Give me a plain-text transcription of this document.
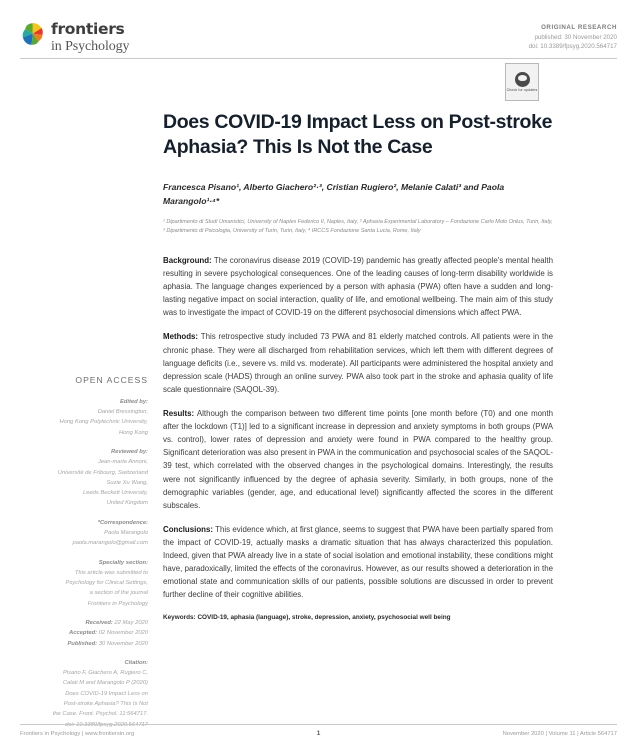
frontiers
in Psychology
ORIGINAL RESEARCH
published: 30 November 2020
doi: 10.3389/fpsyg.2020.564717
Check for updates
OPEN ACCESS
Edited by:
Daniel Bressington,
Hong Kong Polytechnic University,
Hong Kong
Reviewed by:
Jean-marie Annoni,
Université de Fribourg, Switzerland
Suzie Xu Wang,
Leeds Beckett University,
United Kingdom
*Correspondence:
Paola Marangolo
paola.marangolo@gmail.com
Specialty section:
This article was submitted to
Psychology for Clinical Settings,
a section of the journal
Frontiers in Psychology
Received: 22 May 2020
Accepted: 02 November 2020
Published: 30 November 2020
Citation:
Pisano F, Giachero A, Rugiero C,
Calati M and Marangolo P (2020)
Does COVID-19 Impact Less on
Post-stroke Aphasia? This Is Not
the Case. Front. Psychol. 11:564717.
Does COVID-19 Impact Less on Post-stroke Aphasia? This Is Not the Case
Francesca Pisano¹, Alberto Giachero²·³, Cristian Rugiero², Melanie Calati³ and Paola Marangolo¹·⁴*
¹ Dipartimento di Studi Umanistici, University of Naples Federico II, Naples, Italy, ² Aphasia Experimental Laboratory – Fondazione Carlo Molo Onlus, Turin, Italy, ³ Dipartimento di Psicologia, University of Turin, Turin, Italy, ⁴ IRCCS Fondazione Santa Lucia, Rome, Italy

Background: The coronavirus disease 2019 (COVID-19) pandemic has greatly affected people's mental health resulting in severe psychological consequences. One of the leading causes of long-term disability worldwide is aphasia. The language changes experienced by a person with aphasia (PWA) often have a sudden and long-lasting negative impact on social interaction, quality of life, and emotional wellbeing. The main aim of this study was to investigate the impact of COVID-19 on the different psychosocial dimensions which affect PWA.

Methods: This retrospective study included 73 PWA and 81 elderly matched controls. All patients were in the chronic phase. They were all discharged from rehabilitation services, which left them with different degrees of language deficits (i.e., severe vs. mild vs. moderate). All participants were administered the hospital anxiety and depression scale (HADS) through an online survey. PWA also took part in the stroke and aphasia quality of life scale questionnaire (SAQOL-39).

Results: Although the comparison between two different time points [one month before (T0) and one month after the lockdown (T1)] led to a significant increase in depression and anxiety symptoms in both groups (PWA vs. control), lower rates of depression and anxiety were found in PWA compared to the healthy group. Significant deterioration was also present in PWA in the communication and psychosocial scales of the SAQOL-39 test, which correlated with the observed changes in the psychological domains. Interestingly, the results were not significantly influenced by the degree of aphasia severity. Similarly, in both groups, none of the demographic variables (gender, age, and educational level) significantly affected the scores in the different subscales.

Conclusions: This evidence which, at first glance, seems to suggest that PWA have been partially spared from the impact of COVID-19, actually masks a dramatic situation that has always characterized this population. Indeed, given that PWA already live in a state of social isolation and emotional instability, these conditions might have, paradoxically, limited the effects of the coronavirus. However, as our results showed a deterioration in the emotional state and communication skills of our patients, possible solutions are discussed in order to prevent further decline of their cognitive abilities.

Keywords: COVID-19, aphasia (language), stroke, depression, anxiety, psychosocial well being
Frontiers in Psychology | www.frontiersin.org	1	November 2020 | Volume 11 | Article 564717
